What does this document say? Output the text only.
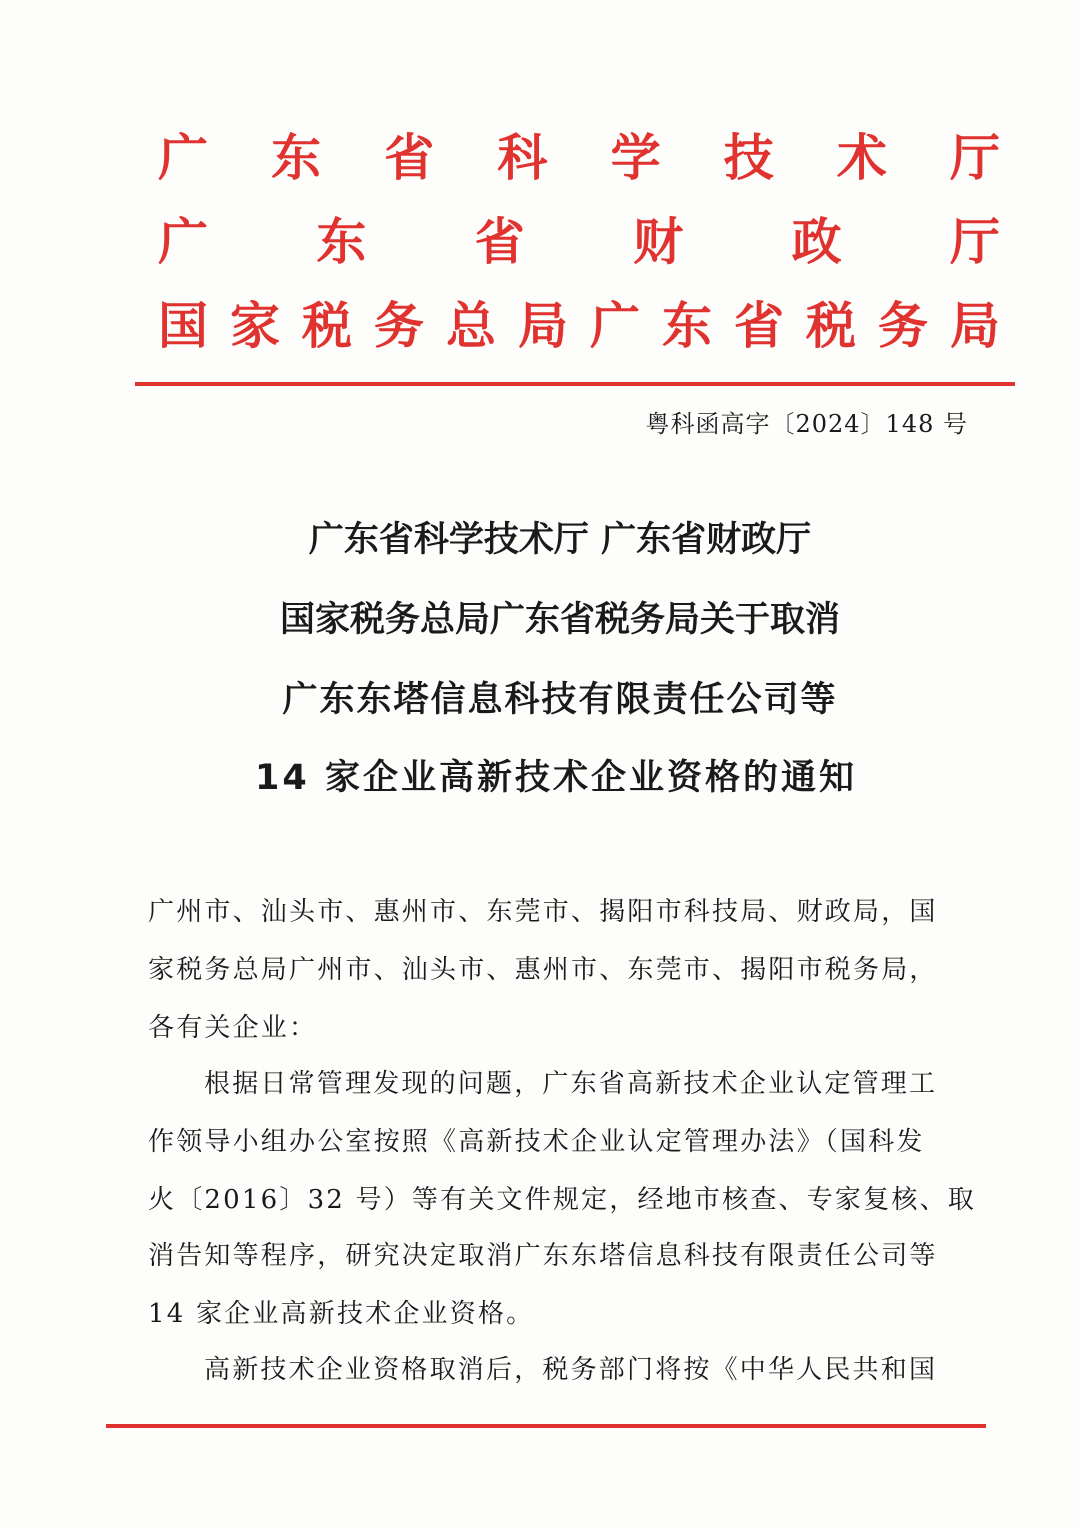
广 东 省 科 学 技 术 厅
广 东 省 财 政 厅
国 家 税 务 总 局 广 东 省 税 务 局
粤科函高字〔2024〕148 号
广东省科学技术厅 广东省财政厅
国家税务总局广东省税务局关于取消
广东东塔信息科技有限责任公司等
14 家企业高新技术企业资格的通知
广州市、汕头市、惠州市、东莞市、揭阳市科技局、财政局，国
家税务总局广州市、汕头市、惠州市、东莞市、揭阳市税务局，
各有关企业：
根据日常管理发现的问题，广东省高新技术企业认定管理工
作领导小组办公室按照《高新技术企业认定管理办法》（国科发
火〔2016〕32 号）等有关文件规定，经地市核查、专家复核、取
消告知等程序，研究决定取消广东东塔信息科技有限责任公司等
14 家企业高新技术企业资格。
高新技术企业资格取消后，税务部门将按《中华人民共和国
